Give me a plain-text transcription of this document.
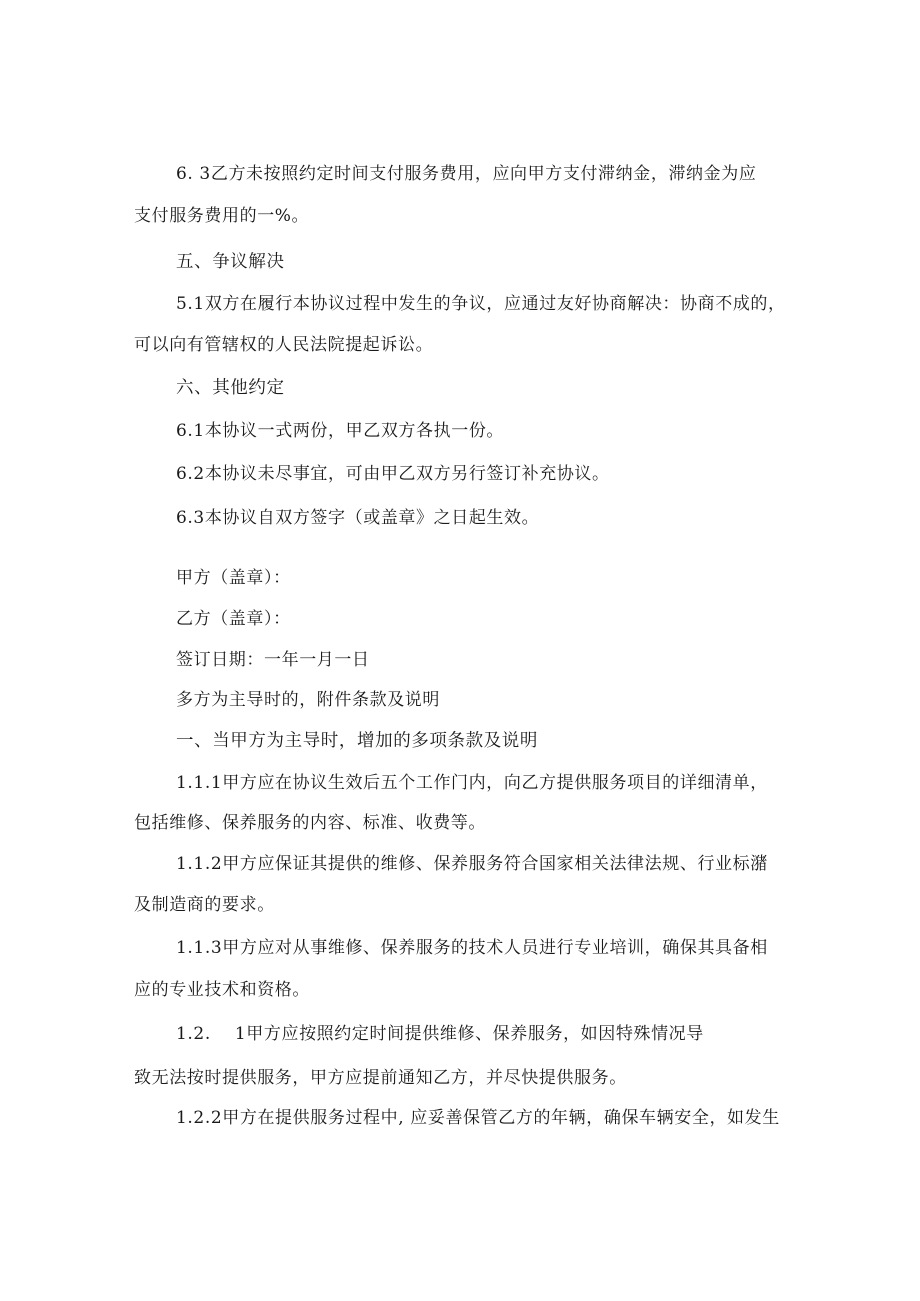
6. 3乙方未按照约定时间支付服务费用，应向甲方支付滞纳金，滞纳金为应
支付服务费用的一%。
五、争议解决
5.1双方在履行本协议过程中发生的争议，应通过友好协商解决：协商不成的，
可以向有管辖权的人民法院提起诉讼。
六、其他约定
6.1本协议一式两份，甲乙双方各执一份。
6.2本协议未尽事宜，可由甲乙双方另行签订补充协议。
6.3本协议自双方签字（或盖章》之日起生效。
甲方（盖章）：
乙方（盖章）：
签订日期：一年一月一日
多方为主导时的，附件条款及说明
一、当甲方为主导时，增加的多项条款及说明
1.1.1甲方应在协议生效后五个工作门内，向乙方提供服务项目的详细清单，
包括维修、保养服务的内容、标准、收费等。
1.1.2甲方应保证其提供的维修、保养服务符合国家相关法律法规、行业标潴
及制造商的要求。
1.1.3甲方应对从事维修、保养服务的技术人员进行专业培训，确保其具备相
应的专业技术和资格。
1.2.    1甲方应按照约定时间提供维修、保养服务，如因特殊情况导
致无法按时提供服务，甲方应提前通知乙方，并尽快提供服务。
1.2.2甲方在提供服务过程中, 应妥善保管乙方的年辆，确保车辆安全，如发生
